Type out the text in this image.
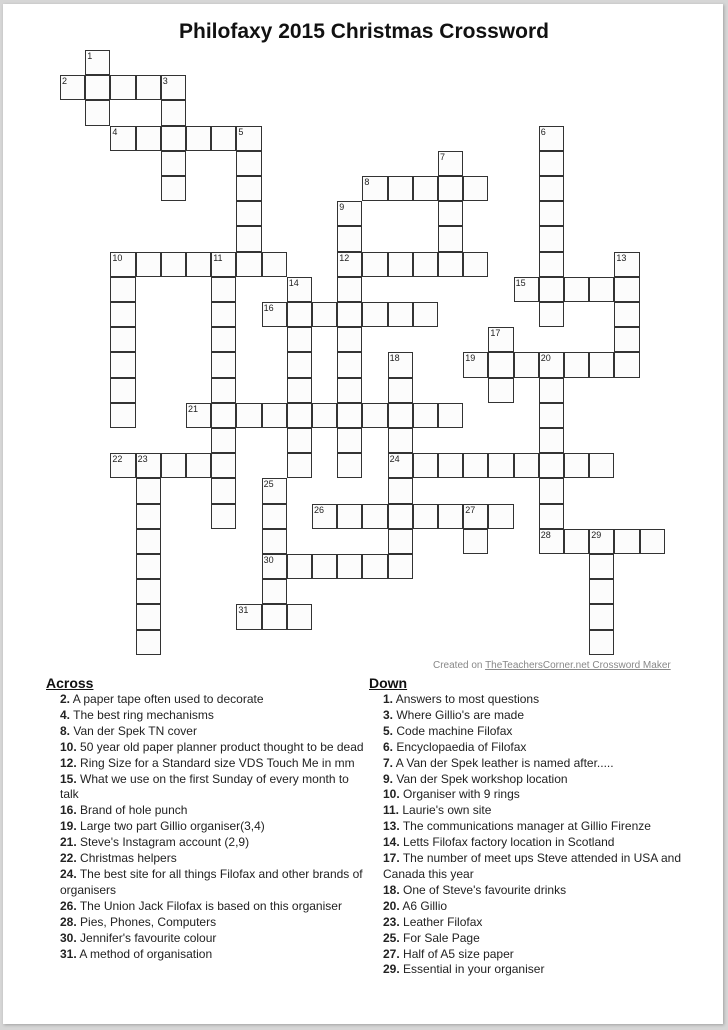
Philofaxy 2015 Christmas Crossword
1
2	3
4	5	6
7
8
9
12
10	11	13
14	15
16
17
18
24
19	20
28
21
22 23
25
30
26	27
29
31
Created on TheTeachersCorner.net Crossword Maker
Across
2. A paper tape often used to decorate
4. The best ring mechanisms
8. Van der Spek TN cover
10. 50 year old paper planner product thought to be dead
12. Ring Size for a Standard size VDS Touch Me in mm
15. What we use on the first Sunday of every month to talk
16. Brand of hole punch
19. Large two part Gillio organiser(3,4)
21. Steve's Instagram account (2,9)
22. Christmas helpers
24. The best site for all things Filofax and other brands of organisers
26. The Union Jack Filofax is based on this organiser
28. Pies, Phones, Computers
30. Jennifer's favourite colour
31. A method of organisation
Down
1. Answers to most questions
3. Where Gillio's are made
5. Code machine Filofax
6. Encyclopaedia of Filofax
7. A Van der Spek leather is named after.....
9. Van der Spek workshop location
10. Organiser with 9 rings
11. Laurie's own site
13. The communications manager at Gillio Firenze
14. Letts Filofax factory location in Scotland
17. The number of meet ups Steve attended in USA and Canada this year
18. One of Steve's favourite drinks
20. A6 Gillio
23. Leather Filofax
25. For Sale Page
27. Half of A5 size paper
29. Essential in your organiser
